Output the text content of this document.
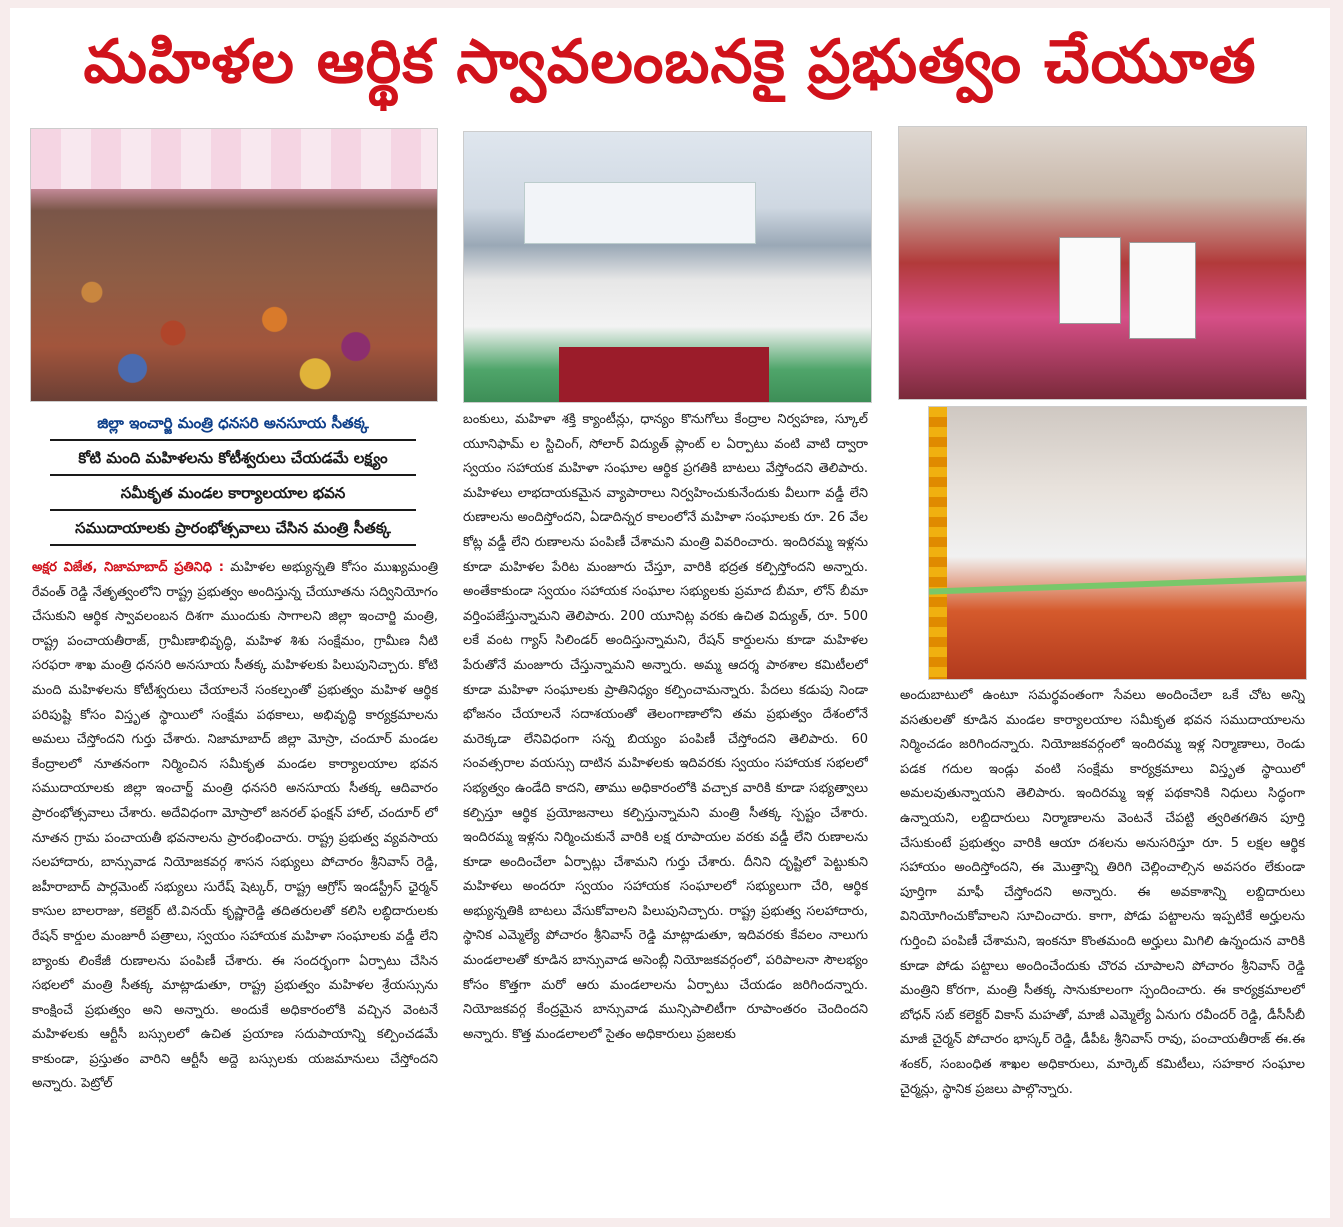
మహిళల ఆర్థిక స్వావలంబనకై ప్రభుత్వం చేయూత
జిల్లా ఇంచార్జి మంత్రి ధనసరి అనసూయ సీతక్క
కోటి మంది మహిళలను కోటీశ్వరులు చేయడమే లక్ష్యం
సమీకృత మండల కార్యాలయాల భవన
సముదాయాలకు ప్రారంభోత్సవాలు చేసిన మంత్రి సీతక్క

అక్షర విజేత, నిజామాబాద్ ప్రతినిధి : మహిళల అభ్యున్నతి కోసం ముఖ్యమంత్రి రేవంత్ రెడ్డి నేతృత్వంలోని రాష్ట్ర ప్రభుత్వం అందిస్తున్న చేయూతను సద్వినియోగం చేసుకుని ఆర్థిక స్వావలంబన దిశగా ముందుకు సాగాలని జిల్లా ఇంచార్జి మంత్రి, రాష్ట్ర పంచాయతీరాజ్, గ్రామీణాభివృద్ధి, మహిళ శిశు సంక్షేమం, గ్రామీణ నీటి సరఫరా శాఖ మంత్రి ధనసరి అనసూయ సీతక్క మహిళలకు పిలుపునిచ్చారు. కోటి మంది మహిళలను కోటీశ్వరులు చేయాలనే సంకల్పంతో ప్రభుత్వం మహిళ ఆర్థిక పరిపుష్టి కోసం విస్తృత స్థాయిలో సంక్షేమ పథకాలు, అభివృద్ధి కార్యక్రమాలను అమలు చేస్తోందని గుర్తు చేశారు. నిజామాబాద్ జిల్లా మోస్రా, చందూర్ మండల కేంద్రాలలో నూతనంగా నిర్మించిన సమీకృత మండల కార్యాలయాల భవన సముదాయాలకు జిల్లా ఇంచార్జ్ మంత్రి ధనసరి అనసూయ సీతక్క ఆదివారం ప్రారంభోత్సవాలు చేశారు. అదేవిధంగా మోస్రాలో జనరల్ ఫంక్షన్ హాల్, చందూర్ లో నూతన గ్రామ పంచాయతీ భవనాలను ప్రారంభించారు. రాష్ట్ర ప్రభుత్వ వ్యవసాయ సలహాదారు, బాన్సువాడ నియోజకవర్గ శాసన సభ్యులు పోచారం శ్రీనివాస్ రెడ్డి, జహీరాబాద్ పార్లమెంట్ సభ్యులు సురేష్ షెట్కర్, రాష్ట్ర ఆగ్రోస్ ఇండస్ట్రీస్ ఛైర్మన్ కాసుల బాలరాజు, కలెక్టర్ టి.వినయ్ కృష్ణారెడ్డి తదితరులతో కలిసి లబ్ధిదారులకు రేషన్ కార్డుల మంజూరీ పత్రాలు, స్వయం సహాయక మహిళా సంఘాలకు వడ్డీ లేని బ్యాంకు లింకేజీ రుణాలను పంపిణీ చేశారు. ఈ సందర్భంగా ఏర్పాటు చేసిన సభలలో మంత్రి సీతక్క మాట్లాడుతూ, రాష్ట్ర ప్రభుత్వం మహిళల శ్రేయస్సును కాంక్షించే ప్రభుత్వం అని అన్నారు. అందుకే అధికారంలోకి వచ్చిన వెంటనే మహిళలకు ఆర్టీసీ బస్సులలో ఉచిత ప్రయాణ సదుపాయాన్ని కల్పించడమే కాకుండా, ప్రస్తుతం వారిని ఆర్టీసీ అద్దె బస్సులకు యజమానులు చేస్తోందని అన్నారు. పెట్రోల్

బంకులు, మహిళా శక్తి క్యాంటీన్లు, ధాన్యం కొనుగోలు కేంద్రాల నిర్వహణ, స్కూల్ యూనిఫామ్ ల స్టిచింగ్, సోలార్ విద్యుత్ ప్లాంట్ ల ఏర్పాటు వంటి వాటి ద్వారా స్వయం సహాయక మహిళా సంఘాల ఆర్థిక ప్రగతికి బాటలు వేస్తోందని తెలిపారు. మహిళలు లాభదాయకమైన వ్యాపారాలు నిర్వహించుకునేందుకు వీలుగా వడ్డీ లేని రుణాలను అందిస్తోందని, ఏడాదిన్నర కాలంలోనే మహిళా సంఘాలకు రూ. 26 వేల కోట్ల వడ్డీ లేని రుణాలను పంపిణీ చేశామని మంత్రి వివరించారు. ఇందిరమ్మ ఇళ్లను కూడా మహిళల పేరిట మంజూరు చేస్తూ, వారికి భద్రత కల్పిస్తోందని అన్నారు. అంతేకాకుండా స్వయం సహాయక సంఘాల సభ్యులకు ప్రమాద బీమా, లోన్ బీమా వర్తింపజేస్తున్నామని తెలిపారు. 200 యూనిట్ల వరకు ఉచిత విద్యుత్, రూ. 500 లకే వంట గ్యాస్ సిలిండర్ అందిస్తున్నామని, రేషన్ కార్డులను కూడా మహిళల పేరుతోనే మంజూరు చేస్తున్నామని అన్నారు. అమ్మ ఆదర్శ పాఠశాల కమిటీలలో కూడా మహిళా సంఘాలకు ప్రాతినిధ్యం కల్పించామన్నారు. పేదలు కడుపు నిండా భోజనం చేయాలనే సదాశయంతో తెలంగాణాలోని తమ ప్రభుత్వం దేశంలోనే మరెక్కడా లేనివిధంగా సన్న బియ్యం పంపిణీ చేస్తోందని తెలిపారు. 60 సంవత్సరాల వయస్సు దాటిన మహిళలకు ఇదివరకు స్వయం సహాయక సభలలో సభ్యత్వం ఉండేది కాదని, తాము అధికారంలోకి వచ్చాక వారికి కూడా సభ్యత్వాలు కల్పిస్తూ ఆర్థిక ప్రయోజనాలు కల్పిస్తున్నామని మంత్రి సీతక్క స్పష్టం చేశారు. ఇందిరమ్మ ఇళ్లను నిర్మించుకునే వారికి లక్ష రూపాయల వరకు వడ్డీ లేని రుణాలను కూడా అందించేలా ఏర్పాట్లు చేశామని గుర్తు చేశారు. దీనిని దృష్టిలో పెట్టుకుని మహిళలు అందరూ స్వయం సహాయక సంఘాలలో సభ్యులుగా చేరి, ఆర్థిక అభ్యున్నతికి బాటలు వేసుకోవాలని పిలుపునిచ్చారు. రాష్ట్ర ప్రభుత్వ సలహాదారు, స్థానిక ఎమ్మెల్యే పోచారం శ్రీనివాస్ రెడ్డి మాట్లాడుతూ, ఇదివరకు కేవలం నాలుగు మండలాలతో కూడిన బాన్సువాడ అసెంబ్లీ నియోజకవర్గంలో, పరిపాలనా సౌలభ్యం కోసం కొత్తగా మరో ఆరు మండలాలను ఏర్పాటు చేయడం జరిగిందన్నారు. నియోజకవర్గ కేంద్రమైన బాన్సువాడ మున్సిపాలిటీగా రూపాంతరం చెందిందని అన్నారు. కొత్త మండలాలలో సైతం అధికారులు ప్రజలకు

అందుబాటులో ఉంటూ సమర్థవంతంగా సేవలు అందించేలా ఒకే చోట అన్ని వసతులతో కూడిన మండల కార్యాలయాల సమీకృత భవన సముదాయాలను నిర్మించడం జరిగిందన్నారు. నియోజకవర్గంలో ఇందిరమ్మ ఇళ్ల నిర్మాణాలు, రెండు పడక గదుల ఇండ్లు వంటి సంక్షేమ కార్యక్రమాలు విస్తృత స్థాయిలో అమలవుతున్నాయని తెలిపారు. ఇందిరమ్మ ఇళ్ల పథకానికి నిధులు సిద్ధంగా ఉన్నాయని, లబ్దిదారులు నిర్మాణాలను వెంటనే చేపట్టి త్వరితగతిన పూర్తి చేసుకుంటే ప్రభుత్వం వారికి ఆయా దశలను అనుసరిస్తూ రూ. 5 లక్షల ఆర్థిక సహాయం అందిస్తోందని, ఈ మొత్తాన్ని తిరిగి చెల్లించాల్సిన అవసరం లేకుండా పూర్తిగా మాఫీ చేస్తోందని అన్నారు. ఈ అవకాశాన్ని లబ్దిదారులు వినియోగించుకోవాలని సూచించారు. కాగా, పోడు పట్టాలను ఇప్పటికే అర్హులను గుర్తించి పంపిణీ చేశామని, ఇంకనూ కొంతమంది అర్హులు మిగిలి ఉన్నందున వారికి కూడా పోడు పట్టాలు అందించేందుకు చొరవ చూపాలని పోచారం శ్రీనివాస్ రెడ్డి మంత్రిని కోరగా, మంత్రి సీతక్క సానుకూలంగా స్పందించారు. ఈ కార్యక్రమాలలో బోధన్ సబ్ కలెక్టర్ వికాస్ మహతో, మాజీ ఎమ్మెల్యే ఏనుగు రవీందర్ రెడ్డి, డీసీసీబీ మాజీ చైర్మన్ పోచారం భాస్కర్ రెడ్డి, డీపీఓ శ్రీనివాస్ రావు, పంచాయతీరాజ్ ఈ.ఈ శంకర్, సంబంధిత శాఖల అధికారులు, మార్కెట్ కమిటీలు, సహకార సంఘాల చైర్మన్లు, స్థానిక ప్రజలు పాల్గొన్నారు.
